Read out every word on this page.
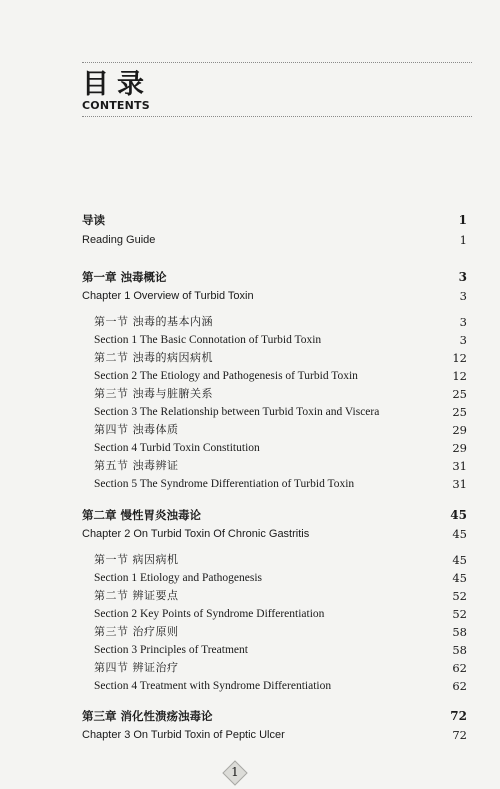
目录
CONTENTS
导读	1
Reading Guide	1
第一章 浊毒概论	3
Chapter 1 Overview of Turbid Toxin	3
第一节 浊毒的基本内涵	3
Section 1 The Basic Connotation of Turbid Toxin	3
第二节 浊毒的病因病机	12
Section 2 The Etiology and Pathogenesis of Turbid Toxin	12
第三节 浊毒与脏腑关系	25
Section 3 The Relationship between Turbid Toxin and Viscera	25
第四节 浊毒体质	29
Section 4 Turbid Toxin Constitution	29
第五节 浊毒辨证	31
Section 5 The Syndrome Differentiation of Turbid Toxin	31
第二章 慢性胃炎浊毒论	45
Chapter 2 On Turbid Toxin Of Chronic Gastritis	45
第一节 病因病机	45
Section 1 Etiology and Pathogenesis	45
第二节 辨证要点	52
Section 2 Key Points of Syndrome Differentiation	52
第三节 治疗原则	58
Section 3 Principles of Treatment	58
第四节 辨证治疗	62
Section 4 Treatment with Syndrome Differentiation	62
第三章 消化性溃疡浊毒论	72
Chapter 3 On Turbid Toxin of Peptic Ulcer	72
1
